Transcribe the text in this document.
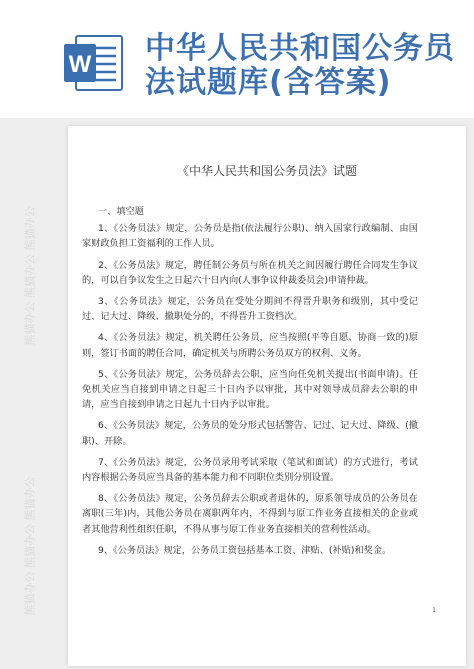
W 中华人民共和国公务员法试题库(含答案)
熊猫办公 熊猫办公 熊猫办公
熊猫办公 熊猫办公 熊猫办公
《中华人民共和国公务员法》试题

一、填空题

1、《公务员法》规定，公务员是指(依法履行公职)、纳入国家行政编制、由国家财政负担工资福利的工作人员。

2、《公务员法》规定，聘任制公务员与所在机关之间因履行聘任合同发生争议的，可以自争议发生之日起六十日内向(人事争议仲裁委员会)申请仲裁。

3、《公务员法》规定，公务员在受处分期间不得晋升职务和级别，其中受记过、记大过、降级、撤职处分的，不得晋升工资档次。

4、《公务员法》规定，机关聘任公务员，应当按照(平等自愿、协商一致的)原则，签订书面的聘任合同，确定机关与所聘公务员双方的权利、义务。

5、《公务员法》规定，公务员辞去公职，应当向任免机关提出(书面申请)。任免机关应当自接到申请之日起三十日内予以审批，其中对领导成员辞去公职的申请，应当自接到申请之日起九十日内予以审批。

6、《公务员法》规定，公务员的处分形式包括警告、记过、记大过、降级、(撤职)、开除。

7、《公务员法》规定，公务员录用考试采取（笔试和面试）的方式进行，考试内容根据公务员应当具备的基本能力和不同职位类别分别设置。

8、《公务员法》规定，公务员辞去公职或者退休的，原系领导成员的公务员在离职(三年)内，其他公务员在离职两年内，不得到与原工作业务直接相关的企业或者其他营利性组织任职，不得从事与原工作业务直接相关的营利性活动。

9、《公务员法》规定，公务员工资包括基本工资、津贴、(补贴)和奖金。

1
